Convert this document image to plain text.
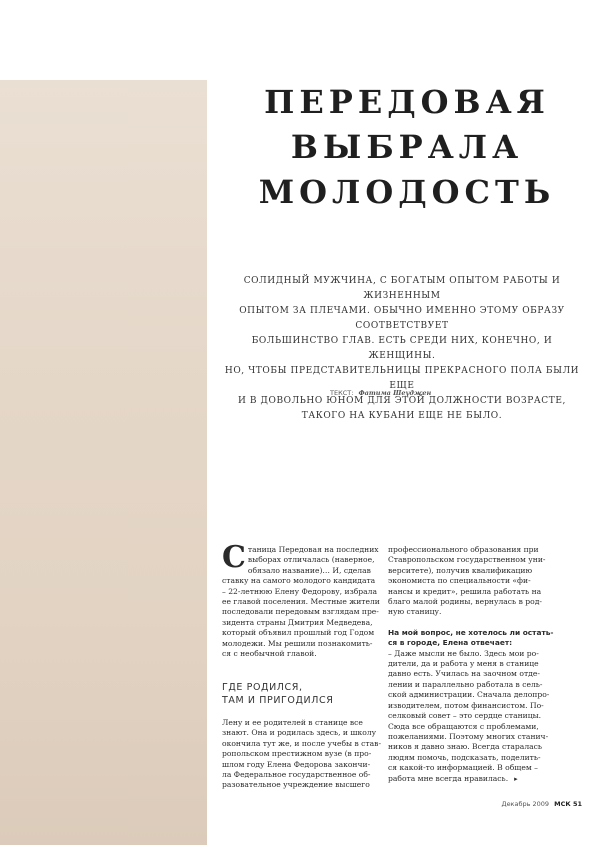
ПЕРЕДОВАЯ
ВЫБРАЛА
МОЛОДОСТЬ

СОЛИДНЫЙ МУЖЧИНА, С БОГАТЫМ ОПЫТОМ РАБОТЫ И ЖИЗНЕННЫМ
ОПЫТОМ ЗА ПЛЕЧАМИ. ОБЫЧНО ИМЕННО ЭТОМУ ОБРАЗУ СООТВЕТСТВУЕТ
БОЛЬШИНСТВО ГЛАВ. ЕСТЬ СРЕДИ НИХ, КОНЕЧНО, И ЖЕНЩИНЫ.
НО, ЧТОБЫ ПРЕДСТАВИТЕЛЬНИЦЫ ПРЕКРАСНОГО ПОЛА БЫЛИ ЕЩЕ
И В ДОВОЛЬНО ЮНОМ ДЛЯ ЭТОЙ ДОЛЖНОСТИ ВОЗРАСТЕ,
ТАКОГО НА КУБАНИ ЕЩЕ НЕ БЫЛО.

ТЕКСТ: Фатима Шеуджен
С таница Передовая на последних
выборах отличалась (наверное,
обязало название)… И, сделав
ставку на самого молодого кандидата
– 22-летнюю Елену Федорову, избрала
ее главой поселения. Местные жители
последовали передовым взглядам пре-
зидента страны Дмитрия Медведева,
который объявил прошлый год Годом
молодежи. Мы решили познакомить-
ся с необычной главой.
ГДЕ РОДИЛСЯ,
ТАМ И ПРИГОДИЛСЯ
Лену и ее родителей в станице все
знают. Она и родилась здесь, и школу
окончила тут же, и после учебы в став-
ропольском престижном вузе (в про-
шлом году Елена Федорова закончи-
ла Федеральное государственное об-
разовательное учреждение высшего
профессионального образования при
Ставропольском государственном уни-
верситете), получив квалификацию
экономиста по специальности «фи-
нансы и кредит», решила работать на
благо малой родины, вернулась в род-
ную станицу.
На мой вопрос, не хотелось ли остать-
ся в городе, Елена отвечает:
– Даже мысли не было. Здесь мои ро-
дители, да и работа у меня в станице
давно есть. Училась на заочном отде-
лении и параллельно работала в сель-
ской администрации. Сначала делопро-
изводителем, потом финансистом. По-
селковый совет – это сердце станицы.
Сюда все обращаются с проблемами,
пожеланиями. Поэтому многих станич-
ников я давно знаю. Всегда старалась
людям помочь, подсказать, поделить-
ся какой-то информацией. В общем –
работа мне всегда нравилась. ▸
Декабрь 2009 МСК 51
